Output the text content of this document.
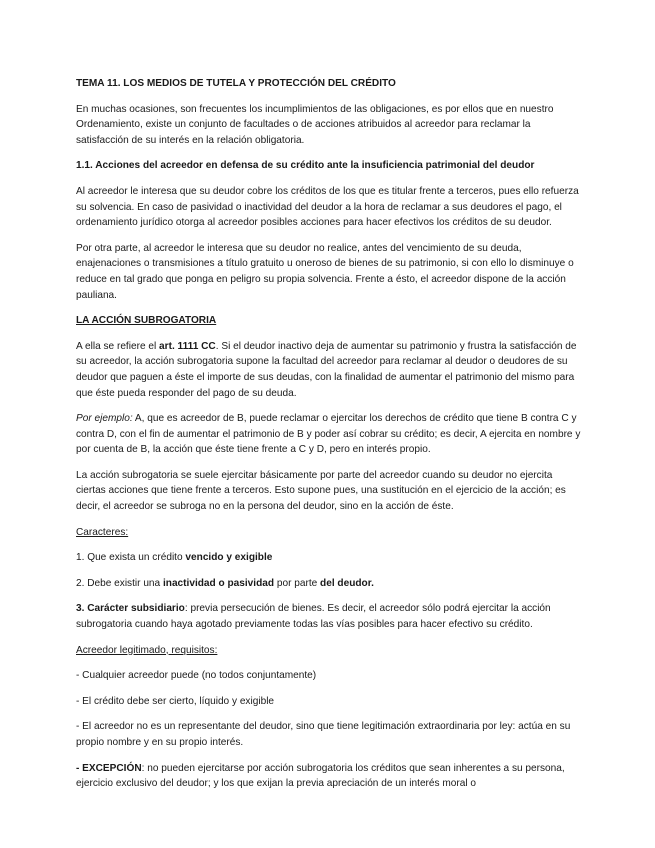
TEMA 11. LOS MEDIOS DE TUTELA Y PROTECCIÓN DEL CRÉDITO

En muchas ocasiones, son frecuentes los incumplimientos de las obligaciones, es por ellos que en nuestro Ordenamiento, existe un conjunto de facultades o de acciones atribuidos al acreedor para reclamar la satisfacción de su interés en la relación obligatoria.

1.1. Acciones del acreedor en defensa de su crédito ante la insuficiencia patrimonial del deudor

Al acreedor le interesa que su deudor cobre los créditos de los que es titular frente a terceros, pues ello refuerza su solvencia. En caso de pasividad o inactividad del deudor a la hora de reclamar a sus deudores el pago, el ordenamiento jurídico otorga al acreedor posibles acciones para hacer efectivos los créditos de su deudor.

Por otra parte, al acreedor le interesa que su deudor no realice, antes del vencimiento de su deuda, enajenaciones o transmisiones a título gratuito u oneroso de bienes de su patrimonio, si con ello lo disminuye o reduce en tal grado que ponga en peligro su propia solvencia. Frente a ésto, el acreedor dispone de la acción pauliana.

LA ACCIÓN SUBROGATORIA

A ella se refiere el art. 1111 CC. Si el deudor inactivo deja de aumentar su patrimonio y frustra la satisfacción de su acreedor, la acción subrogatoria supone la facultad del acreedor para reclamar al deudor o deudores de su deudor que paguen a éste el importe de sus deudas, con la finalidad de aumentar el patrimonio del mismo para que éste pueda responder del pago de su deuda.

Por ejemplo: A, que es acreedor de B, puede reclamar o ejercitar los derechos de crédito que tiene B contra C y contra D, con el fin de aumentar el patrimonio de B y poder así cobrar su crédito; es decir, A ejercita en nombre y por cuenta de B, la acción que éste tiene frente a C y D, pero en interés propio.

La acción subrogatoria se suele ejercitar básicamente por parte del acreedor cuando su deudor no ejercita ciertas acciones que tiene frente a terceros. Esto supone pues, una sustitución en el ejercicio de la acción; es decir, el acreedor se subroga no en la persona del deudor, sino en la acción de éste.

Caracteres:

1. Que exista un crédito vencido y exigible

2. Debe existir una inactividad o pasividad por parte del deudor.

3. Carácter subsidiario: previa persecución de bienes. Es decir, el acreedor sólo podrá ejercitar la acción subrogatoria cuando haya agotado previamente todas las vías posibles para hacer efectivo su crédito.

Acreedor legitimado, requisitos:

- Cualquier acreedor puede (no todos conjuntamente)

- El crédito debe ser cierto, líquido y exigible

- El acreedor no es un representante del deudor, sino que tiene legitimación extraordinaria por ley: actúa en su propio nombre y en su propio interés.

- EXCEPCIÓN: no pueden ejercitarse por acción subrogatoria los créditos que sean inherentes a su persona, ejercicio exclusivo del deudor; y los que exijan la previa apreciación de un interés moral o
